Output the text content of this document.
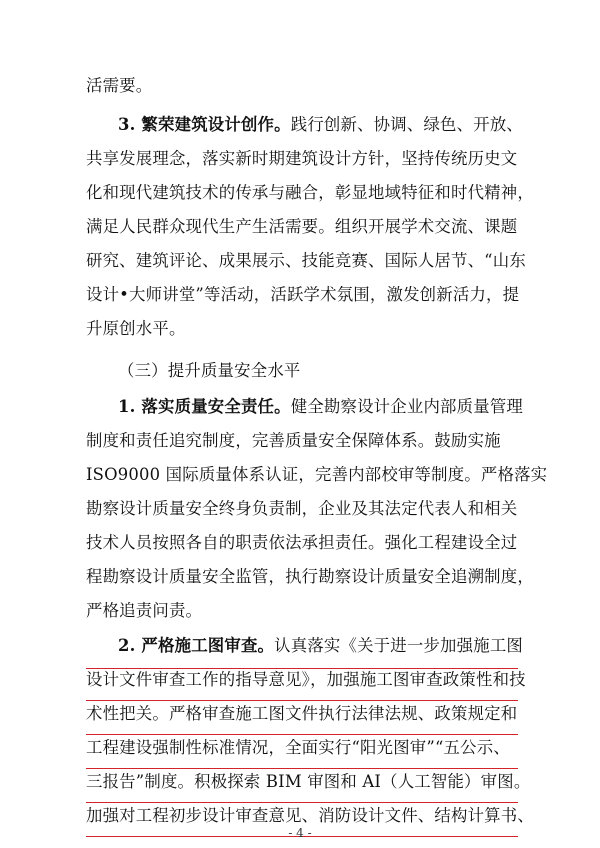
活需要。
3. 繁荣建筑设计创作。践行创新、协调、绿色、开放、
共享发展理念，落实新时期建筑设计方针，坚持传统历史文
化和现代建筑技术的传承与融合，彰显地域特征和时代精神，
满足人民群众现代生产生活需要。组织开展学术交流、课题
研究、建筑评论、成果展示、技能竞赛、国际人居节、“山东
设计•大师讲堂”等活动，活跃学术氛围，激发创新活力，提
升原创水平。
（三）提升质量安全水平
1. 落实质量安全责任。健全勘察设计企业内部质量管理
制度和责任追究制度，完善质量安全保障体系。鼓励实施
ISO9000 国际质量体系认证，完善内部校审等制度。严格落实
勘察设计质量安全终身负责制，企业及其法定代表人和相关
技术人员按照各自的职责依法承担责任。强化工程建设全过
程勘察设计质量安全监管，执行勘察设计质量安全追溯制度，
严格追责问责。
2. 严格施工图审查。认真落实《关于进一步加强施工图
设计文件审查工作的指导意见》，加强施工图审查政策性和技
术性把关。严格审查施工图文件执行法律法规、政策规定和
工程建设强制性标准情况，全面实行“阳光图审”“五公示、
三报告”制度。积极探索 BIM 审图和 AI（人工智能）审图。
加强对工程初步设计审查意见、消防设计文件、结构计算书、
- 4 -
